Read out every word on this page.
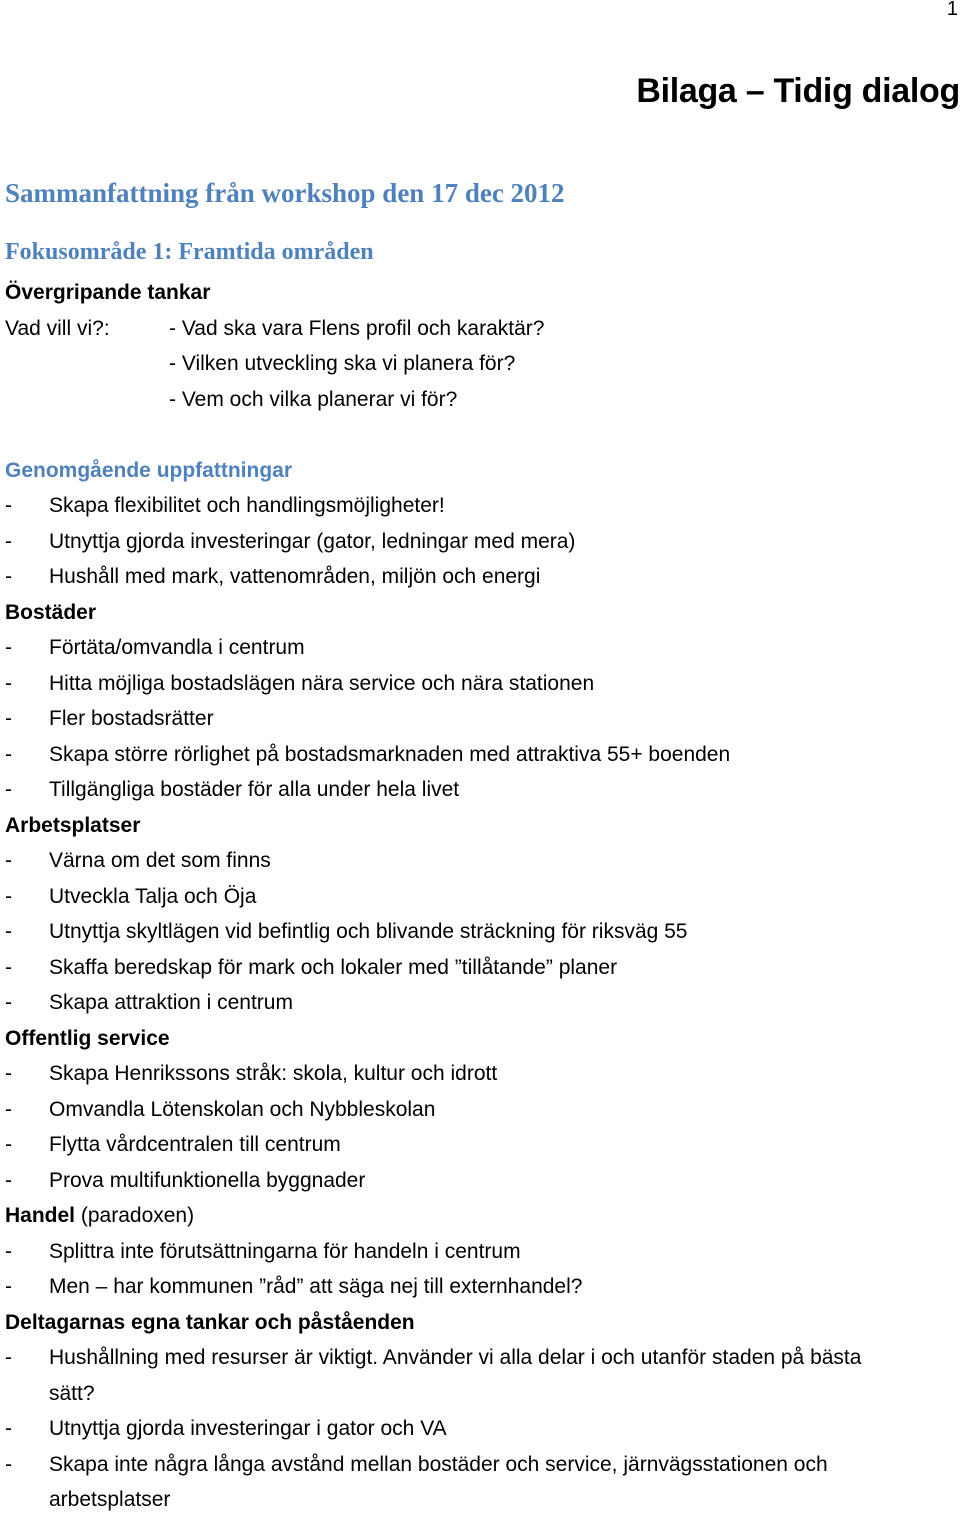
1
Bilaga – Tidig dialog
Sammanfattning från workshop den 17 dec 2012
Fokusområde 1: Framtida områden
Övergripande tankar
Vad vill vi?:	- Vad ska vara Flens profil och karaktär?
- Vilken utveckling ska vi planera för?
- Vem och vilka planerar vi för?
Genomgående uppfattningar
- Skapa flexibilitet och handlingsmöjligheter!
- Utnyttja gjorda investeringar (gator, ledningar med mera)
- Hushåll med mark, vattenområden, miljön och energi
Bostäder
- Förtäta/omvandla i centrum
- Hitta möjliga bostadslägen nära service och nära stationen
- Fler bostadsrätter
- Skapa större rörlighet på bostadsmarknaden med attraktiva 55+ boenden
- Tillgängliga bostäder för alla under hela livet
Arbetsplatser
- Värna om det som finns
- Utveckla Talja och Öja
- Utnyttja skyltlägen vid befintlig och blivande sträckning för riksväg 55
- Skaffa beredskap för mark och lokaler med ”tillåtande” planer
- Skapa attraktion i centrum
Offentlig service
- Skapa Henrikssons stråk: skola, kultur och idrott
- Omvandla Lötenskolan och Nybbleskolan
- Flytta vårdcentralen till centrum
- Prova multifunktionella byggnader
Handel (paradoxen)
- Splittra inte förutsättningarna för handeln i centrum
- Men – har kommunen ”råd” att säga nej till externhandel?
Deltagarnas egna tankar och påståenden
- Hushållning med resurser är viktigt. Använder vi alla delar i och utanför staden på bästa
sätt?
- Utnyttja gjorda investeringar i gator och VA
- Skapa inte några långa avstånd mellan bostäder och service, järnvägsstationen och
arbetsplatser
